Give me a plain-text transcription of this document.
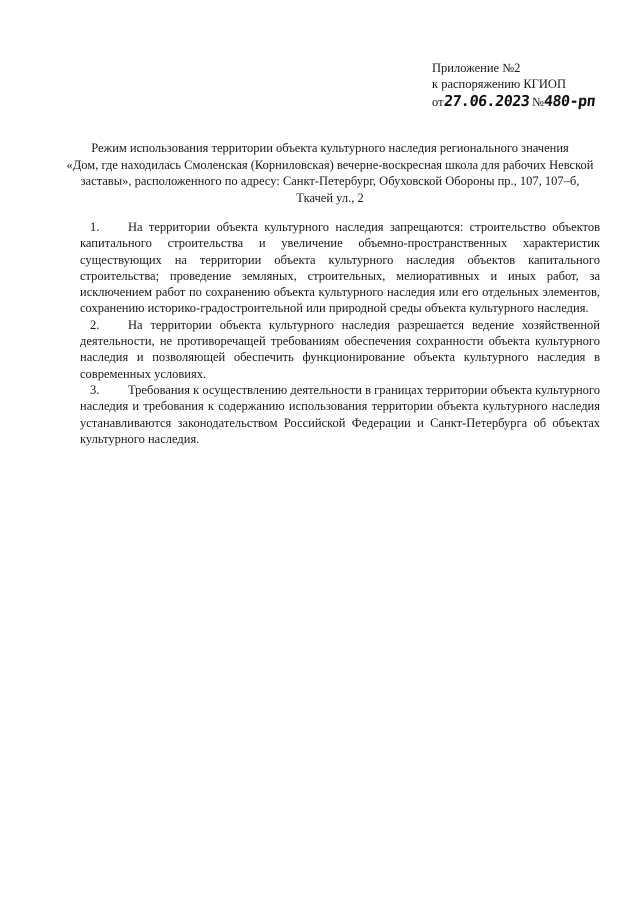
Приложение №2
к распоряжению КГИОП
от27.06.2023 №480-рп
Режим использования территории объекта культурного наследия регионального значения
«Дом, где находилась Смоленская (Корниловская) вечерне-воскресная школа для рабочих Невской
заставы», расположенного по адресу: Санкт-Петербург, Обуховской Обороны пр., 107, 107–б,
Ткачей ул., 2

1. На территории объекта культурного наследия запрещаются: строительство объектов капитального строительства и увеличение объемно-пространственных характеристик существующих на территории объекта культурного наследия объектов капитального строительства; проведение земляных, строительных, мелиоративных и иных работ, за исключением работ по сохранению объекта культурного наследия или его отдельных элементов, сохранению историко-градостроительной или природной среды объекта культурного наследия.

2. На территории объекта культурного наследия разрешается ведение хозяйственной деятельности, не противоречащей требованиям обеспечения сохранности объекта культурного наследия и позволяющей обеспечить функционирование объекта культурного наследия в современных условиях.

3. Требования к осуществлению деятельности в границах территории объекта культурного наследия и требования к содержанию использования территории объекта культурного наследия устанавливаются законодательством Российской Федерации и Санкт-Петербурга об объектах культурного наследия.
